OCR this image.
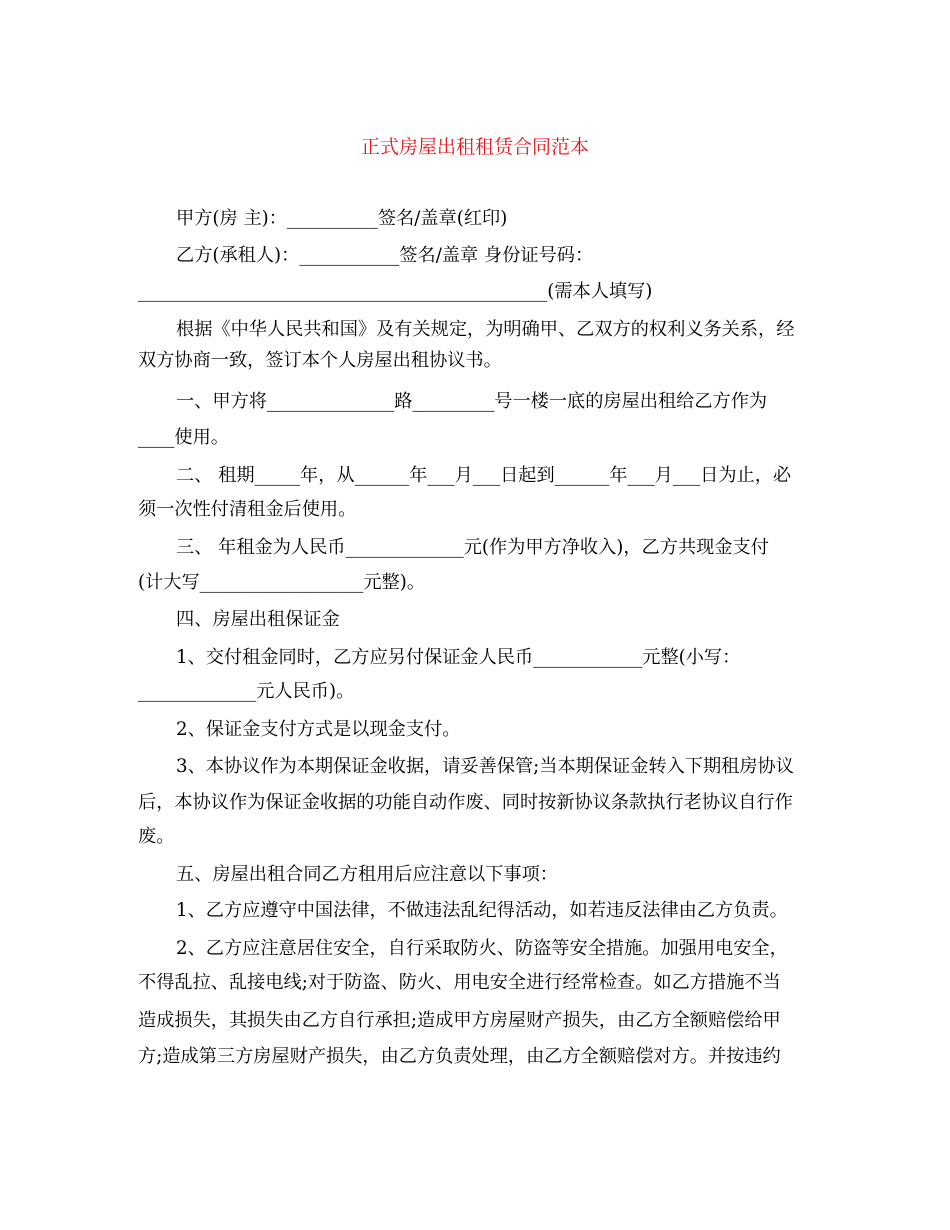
正式房屋出租租赁合同范本
甲方(房 主)：__________签名/盖章(红印)
乙方(承租人)：___________签名/盖章 身份证号码：
_____________________________________________(需本人填写)
根据《中华人民共和国》及有关规定，为明确甲、乙双方的权利义务关系，经
双方协商一致，签订本个人房屋出租协议书。
一、甲方将______________路_________号一楼一底的房屋出租给乙方作为
____使用。
二、 租期_____年，从______年___月___日起到______年___月___日为止，必
须一次性付清租金后使用。
三、 年租金为人民币_____________元(作为甲方净收入)，乙方共现金支付
(计大写__________________元整)。
四、房屋出租保证金
1、交付租金同时，乙方应另付保证金人民币____________元整(小写：
_____________元人民币)。
2、保证金支付方式是以现金支付。
3、本协议作为本期保证金收据，请妥善保管;当本期保证金转入下期租房协议
后，本协议作为保证金收据的功能自动作废、同时按新协议条款执行老协议自行作
废。
五、房屋出租合同乙方租用后应注意以下事项：
1、乙方应遵守中国法律，不做违法乱纪得活动，如若违反法律由乙方负责。
2、乙方应注意居住安全，自行采取防火、防盗等安全措施。加强用电安全，
不得乱拉、乱接电线;对于防盗、防火、用电安全进行经常检查。如乙方措施不当
造成损失，其损失由乙方自行承担;造成甲方房屋财产损失，由乙方全额赔偿给甲
方;造成第三方房屋财产损失，由乙方负责处理，由乙方全额赔偿对方。并按违约
